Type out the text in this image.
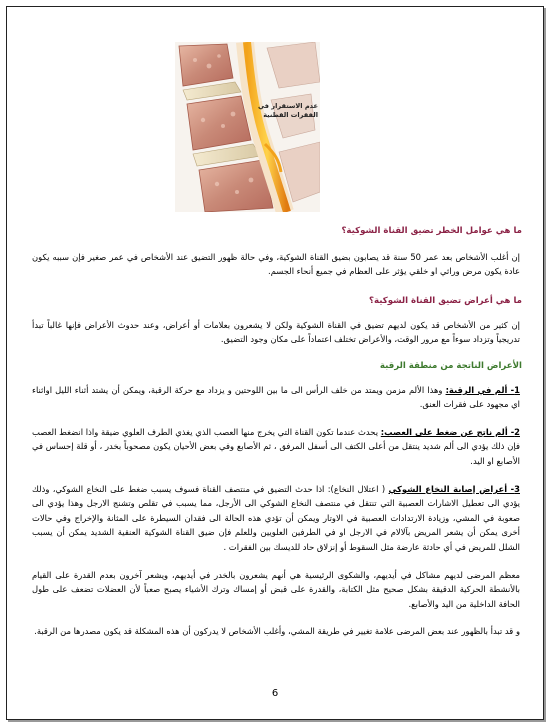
عدم الاستقرار في الفقرات القطنية
ما هي عوامل الخطر تضيق القناة الشوكية؟
إن أغلب الأشخاص بعد عمر 50 سنة قد يصابون بضيق القناة الشوكية، وفي حالة ظهور التضيق عند الأشخاص في عمر صغير فإن سببه يكون عادة يكون مرض وراثي او خلقي يؤثر على العظام في جميع أنحاء الجسم.
ما هي أعراض تضيق القناة الشوكية؟
إن كثير من الأشخاص قد يكون لديهم تضيق في القناة الشوكية ولكن لا يشعرون بعلامات أو أعراض، وعند حدوث الأعراض فإنها غالباً تبدأ تدريجياً وتزداد سوءاً مع مرور الوقت، والأعراض تختلف اعتماداً على مكان وجود التضيق.
الأعراض الناتجة من منطقة الرقبة
1- ألم في الرقبة: وهذا الألم مزمن ويمتد من خلف الرأس الى ما بين اللوحتين و يزداد مع حركة الرقبة، ويمكن أن يشتد أثناء الليل اواثناء اي مجهود على فقرات العنق.
2- ألم ناتج عن ضغط على العصب: يحدث عندما تكون القناة التي يخرج منها العصب الذي يغذي الطرف العلوي ضيقة واذا انضغط العصب فإن ذلك يؤدي الى ألم شديد ينتقل من أعلى الكتف الى أسفل المرفق ، ثم الأصابع وفي بعض الأحيان يكون مصحوباً بخدر ، أو قلة إحساس في الأصابع او اليد.
3- أعراض إصابة النخاع الشوكي ( اعتلال النخاع): اذا حدث التضيق في منتصف القناة فسوف يسبب ضغط على النخاع الشوكي، وذلك يؤدي الى تعطيل الاشارات العصبية التي تنتقل في منتصف النخاع الشوكي الى الأرجل، مما يسبب في تقلص وتشنج الارجل وهذا يؤدي الى صعوبة في المشي، وزيادة الارتدادات العصبية في الاوتار ويمكن أن تؤدي هذه الحالة الى فقدان السيطرة على المثانة والإخراج وفي حالات أخرى يمكن أن يشعر المريض بآلالام في الارجل او في الطرفين العلويين وللعلم فإن ضيق القناة الشوكية العنقية الشديد يمكن أن يسبب الشلل للمريض في أي حادثة عارضة مثل السقوط أو إنزلاق حاد للديسك بين الفقرات .
معظم المرضى لديهم مشاكل في أيديهم، والشكوى الرئيسية هي أنهم يشعرون بالخدر في أيديهم، ويشعر آخرون بعدم القدرة على القيام بالأنشطة الحركية الدقيقة بشكل صحيح مثل الكتابة، والقدرة على قبض أو إمساك وترك الأشياء يصبح صعباً لأن العضلات تضعف على طول الحافة الداخلية من اليد والأصابع.
و قد تبدأ بالظهور عند بعض المرضى علامة تغيير في طريقة المشي، وأغلب الأشخاص لا يدركون أن هذه المشكلة قد يكون مصدرها من الرقبة.
6
